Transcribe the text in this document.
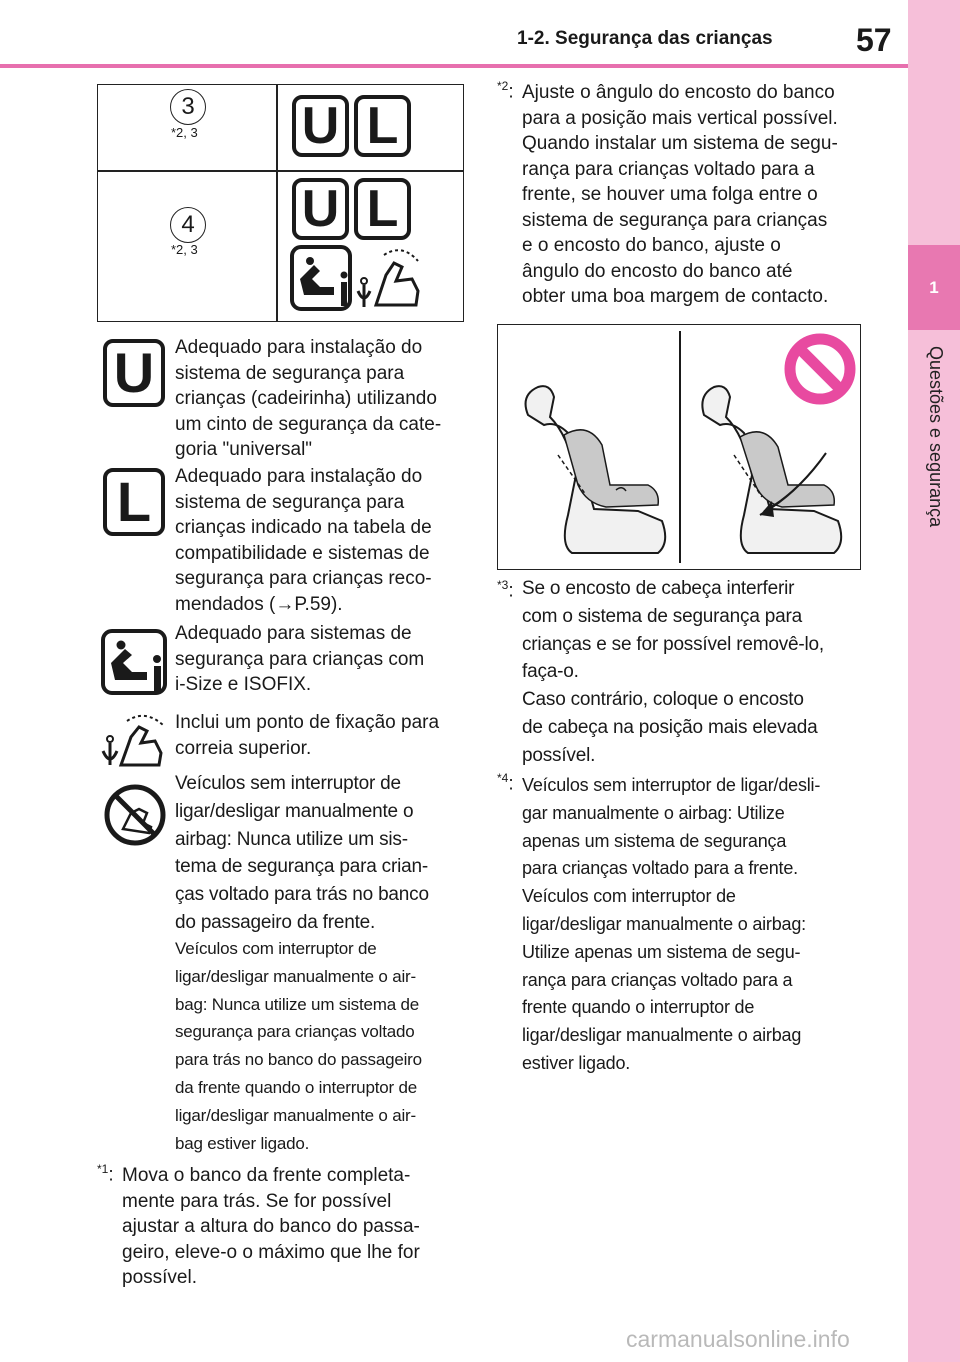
1-2. Segurança das crianças	57
1
Questões e segurança
3
*2, 3 U L
4
*2, 3
U L
U	Adequado para instalação do
sistema de segurança para
crianças (cadeirinha) utilizando
um cinto de segurança da cate-
goria "universal"
L	Adequado para instalação do
sistema de segurança para
crianças indicado na tabela de
compatibilidade e sistemas de
segurança para crianças reco-
mendados (→P.59).
Adequado para sistemas de
segurança para crianças com
i-Size e ISOFIX.
Inclui um ponto de fixação para
correia superior.
Veículos sem interruptor de
ligar/desligar manualmente o
airbag: Nunca utilize um sis-
tema de segurança para crian-
ças voltado para trás no banco
do passageiro da frente.
Veículos com interruptor de
ligar/desligar manualmente o air-
bag: Nunca utilize um sistema de
segurança para crianças voltado
para trás no banco do passageiro
da frente quando o interruptor de
ligar/desligar manualmente o air-
bag estiver ligado.
$^{*1}$: Mova o banco da frente completa-
mente para trás. Se for possível
ajustar a altura do banco do passa-
geiro, eleve-o o máximo que lhe for
possível.
$^{*2}$: Ajuste o ângulo do encosto do banco
para a posição mais vertical possível.
Quando instalar um sistema de segu-
rança para crianças voltado para a
frente, se houver uma folga entre o
sistema de segurança para crianças
e o encosto do banco, ajuste o
ângulo do encosto do banco até
obter uma boa margem de contacto.
$^{*3}$: Se o encosto de cabeça interferir
com o sistema de segurança para
crianças e se for possível removê-lo,
faça-o.
Caso contrário, coloque o encosto
de cabeça na posição mais elevada
possível.
$^{*4}$: Veículos sem interruptor de ligar/desli-
gar manualmente o airbag: Utilize
apenas um sistema de segurança
para crianças voltado para a frente.
Veículos com interruptor de
ligar/desligar manualmente o airbag:
Utilize apenas um sistema de segu-
rança para crianças voltado para a
frente quando o interruptor de
ligar/desligar manualmente o airbag
estiver ligado.
carmanualsonline.info
